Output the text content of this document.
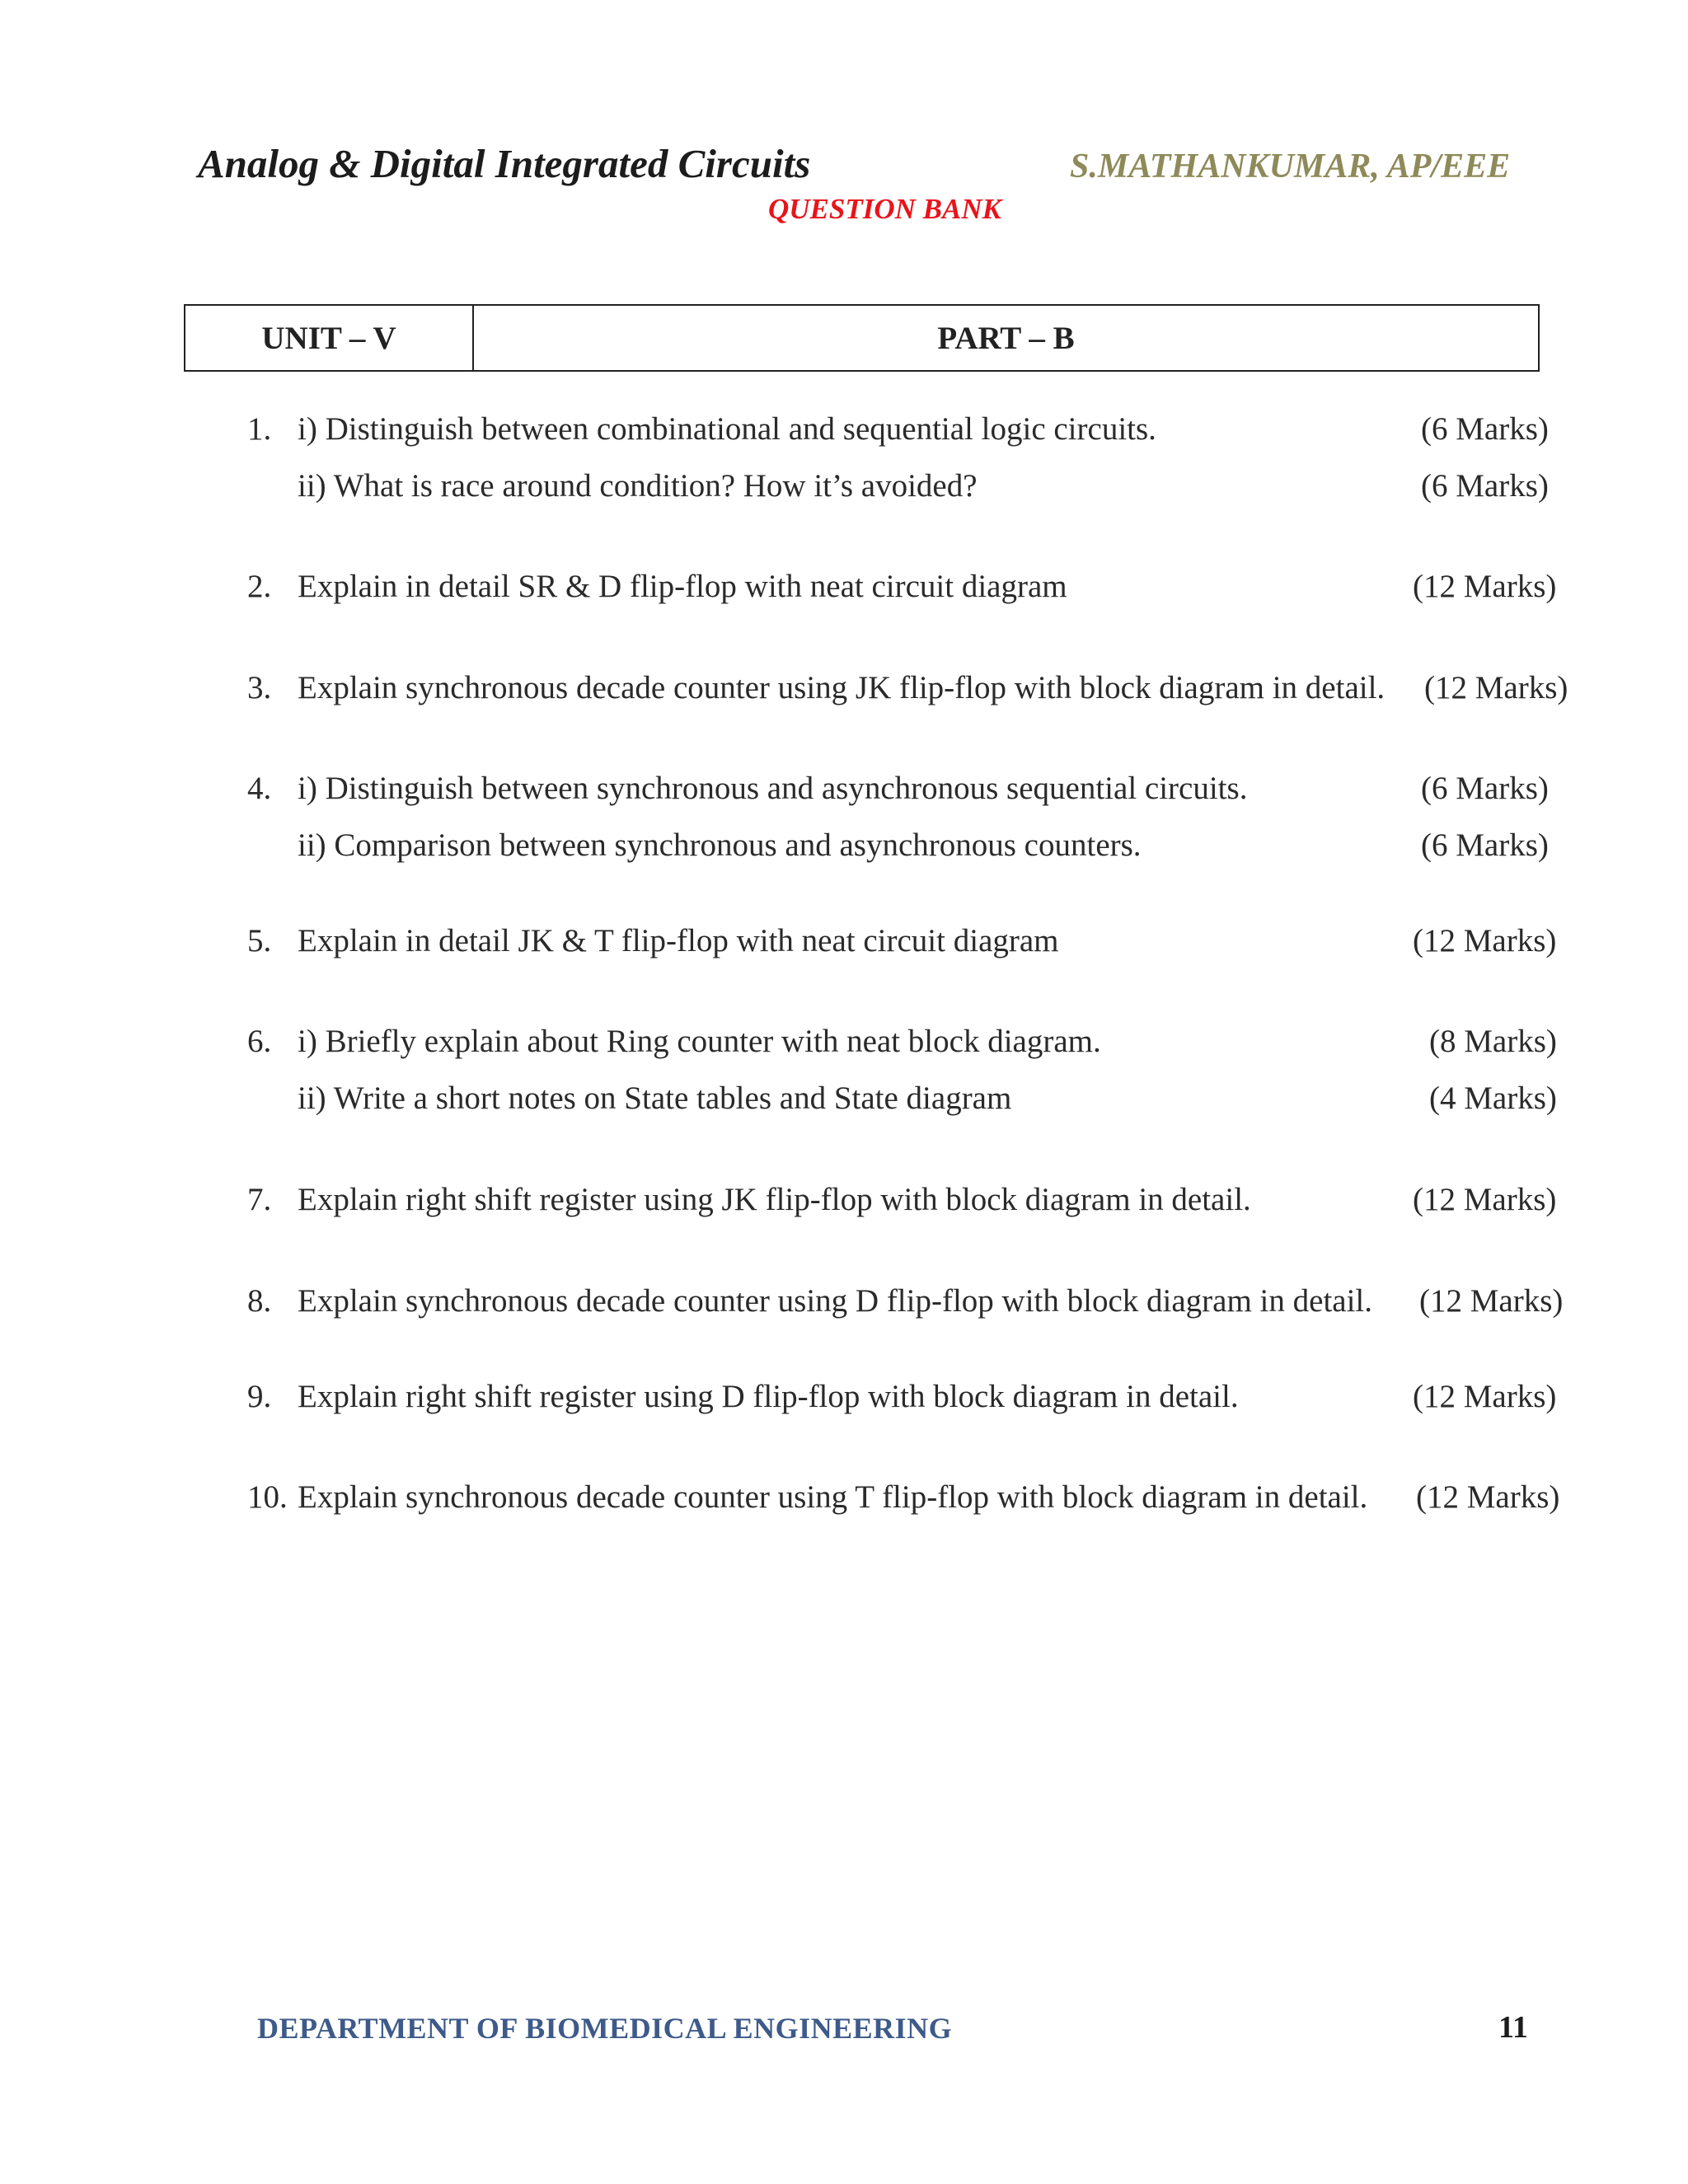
Analog & Digital Integrated Circuits	S.MATHANKUMAR, AP/EEE
QUESTION BANK
UNIT – V	PART – B
1. i) Distinguish between combinational and sequential logic circuits.	(6 Marks)
ii) What is race around condition? How it’s avoided?	(6 Marks)
2. Explain in detail SR & D flip-flop with neat circuit diagram	(12 Marks)
3. Explain synchronous decade counter using JK flip-flop with block diagram in detail. (12 Marks)
4. i) Distinguish between synchronous and asynchronous sequential circuits.	(6 Marks)
ii) Comparison between synchronous and asynchronous counters.	(6 Marks)
5. Explain in detail JK & T flip-flop with neat circuit diagram	(12 Marks)
6. i) Briefly explain about Ring counter with neat block diagram.	(8 Marks)
ii) Write a short notes on State tables and State diagram	(4 Marks)
7. Explain right shift register using JK flip-flop with block diagram in detail.	(12 Marks)
8. Explain synchronous decade counter using D flip-flop with block diagram in detail. (12 Marks)
9. Explain right shift register using D flip-flop with block diagram in detail.	(12 Marks)
10. Explain synchronous decade counter using T flip-flop with block diagram in detail. (12 Marks)
DEPARTMENT OF BIOMEDICAL ENGINEERING	11
